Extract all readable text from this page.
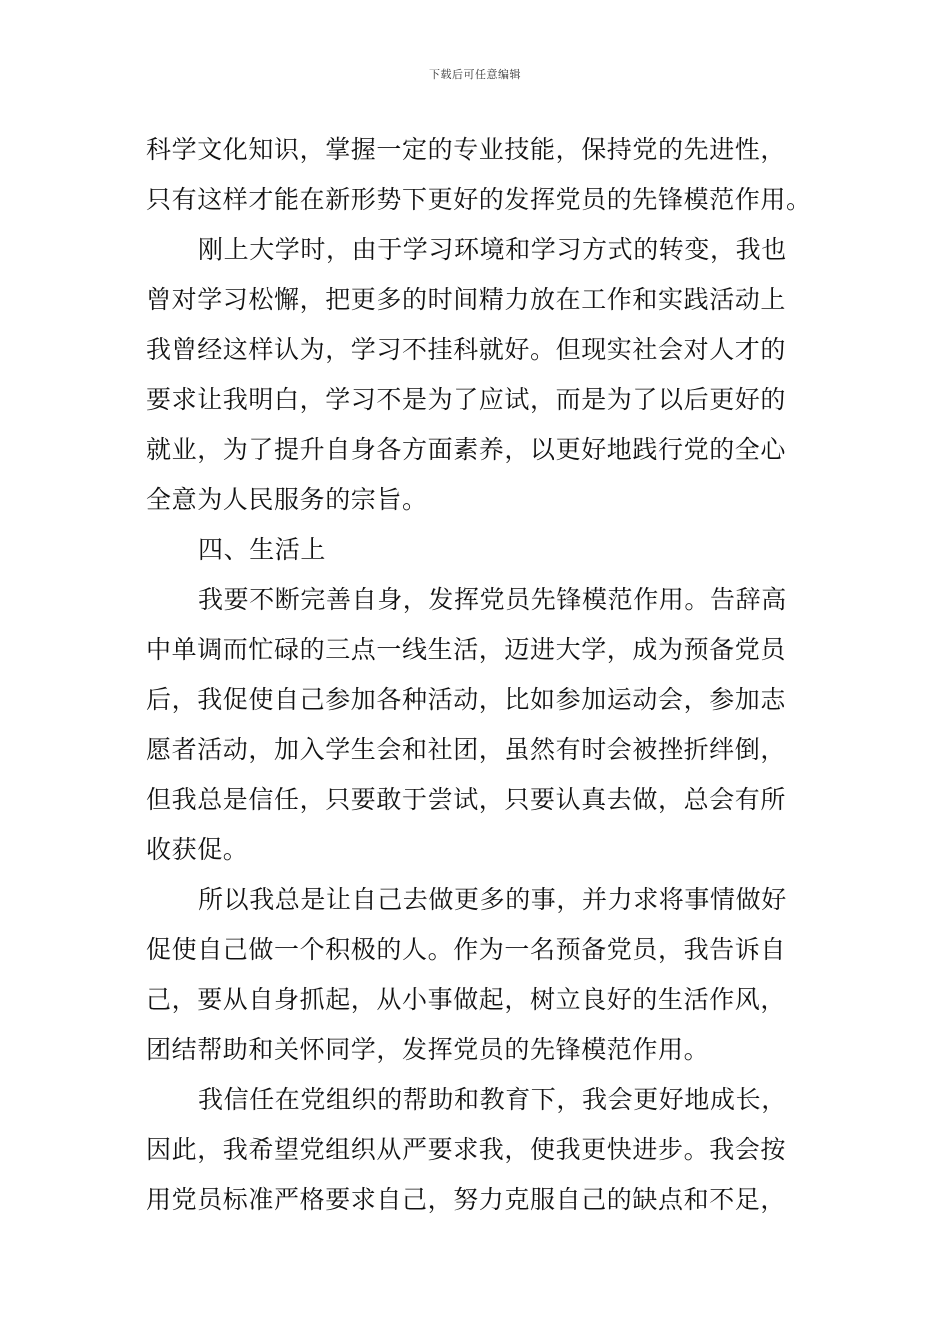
下载后可任意编辑
科学文化知识，掌握一定的专业技能，保持党的先进性，
只有这样才能在新形势下更好的发挥党员的先锋模范作用。
刚上大学时，由于学习环境和学习方式的转变，我也
曾对学习松懈，把更多的时间精力放在工作和实践活动上
我曾经这样认为，学习不挂科就好。但现实社会对人才的
要求让我明白，学习不是为了应试，而是为了以后更好的
就业，为了提升自身各方面素养，以更好地践行党的全心
全意为人民服务的宗旨。
四、生活上
我要不断完善自身，发挥党员先锋模范作用。告辞高
中单调而忙碌的三点一线生活，迈进大学，成为预备党员
后，我促使自己参加各种活动，比如参加运动会，参加志
愿者活动，加入学生会和社团，虽然有时会被挫折绊倒，
但我总是信任，只要敢于尝试，只要认真去做，总会有所
收获促。
所以我总是让自己去做更多的事，并力求将事情做好
促使自己做一个积极的人。作为一名预备党员，我告诉自
己，要从自身抓起，从小事做起，树立良好的生活作风，
团结帮助和关怀同学，发挥党员的先锋模范作用。
我信任在党组织的帮助和教育下，我会更好地成长，
因此，我希望党组织从严要求我，使我更快进步。我会按
用党员标准严格要求自己，努力克服自己的缺点和不足，
